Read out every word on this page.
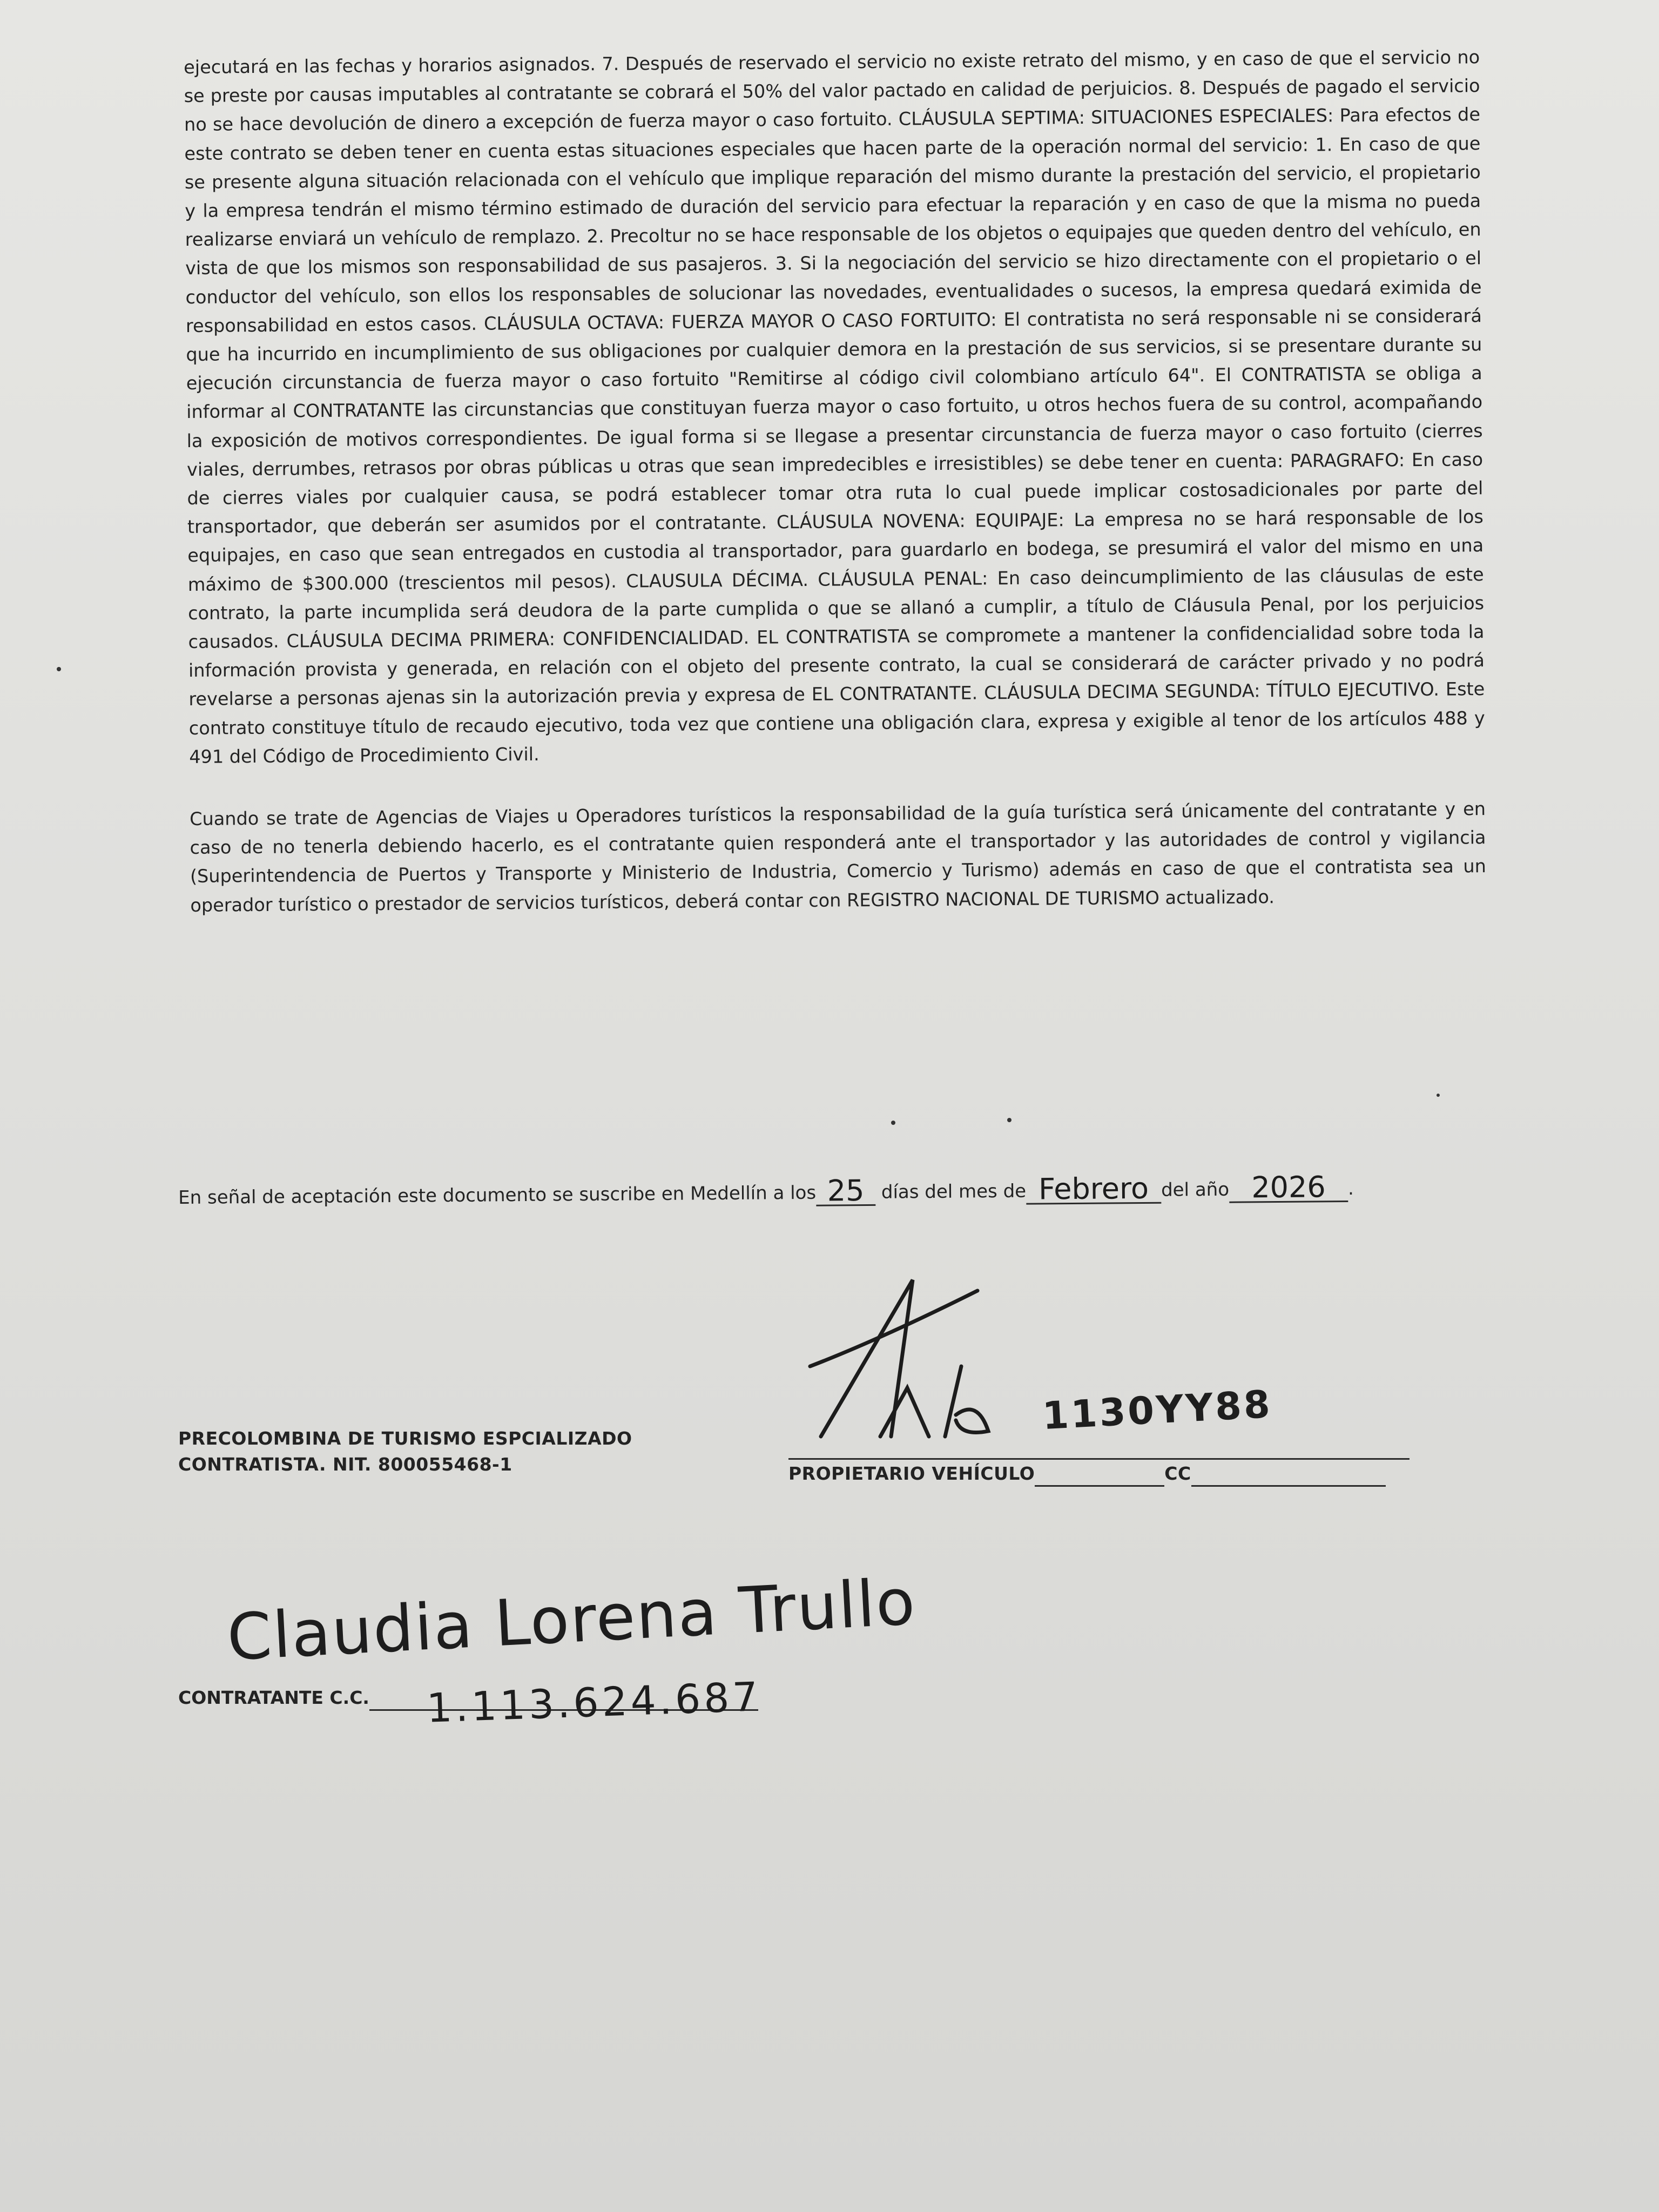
ejecutará en las fechas y horarios asignados. 7. Después de reservado el servicio no existe retrato del mismo, y en caso de que el servicio no se preste por causas imputables al contratante se cobrará el 50% del valor pactado en calidad de perjuicios. 8. Después de pagado el servicio no se hace devolución de dinero a excepción de fuerza mayor o caso fortuito. CLÁUSULA SEPTIMA: SITUACIONES ESPECIALES: Para efectos de este contrato se deben tener en cuenta estas situaciones especiales que hacen parte de la operación normal del servicio: 1. En caso de que se presente alguna situación relacionada con el vehículo que implique reparación del mismo durante la prestación del servicio, el propietario y la empresa tendrán el mismo término estimado de duración del servicio para efectuar la reparación y en caso de que la misma no pueda realizarse enviará un vehículo de remplazo. 2. Precoltur no se hace responsable de los objetos o equipajes que queden dentro del vehículo, en vista de que los mismos son responsabilidad de sus pasajeros. 3. Si la negociación del servicio se hizo directamente con el propietario o el conductor del vehículo, son ellos los responsables de solucionar las novedades, eventualidades o sucesos, la empresa quedará eximida de responsabilidad en estos casos. CLÁUSULA OCTAVA: FUERZA MAYOR O CASO FORTUITO: El contratista no será responsable ni se considerará que ha incurrido en incumplimiento de sus obligaciones por cualquier demora en la prestación de sus servicios, si se presentare durante su ejecución circunstancia de fuerza mayor o caso fortuito "Remitirse al código civil colombiano artículo 64". El CONTRATISTA se obliga a informar al CONTRATANTE las circunstancias que constituyan fuerza mayor o caso fortuito, u otros hechos fuera de su control, acompañando la exposición de motivos correspondientes. De igual forma si se llegase a presentar circunstancia de fuerza mayor o caso fortuito (cierres viales, derrumbes, retrasos por obras públicas u otras que sean impredecibles e irresistibles) se debe tener en cuenta: PARAGRAFO: En caso de cierres viales por cualquier causa, se podrá establecer tomar otra ruta lo cual puede implicar costosadicionales por parte del transportador, que deberán ser asumidos por el contratante. CLÁUSULA NOVENA: EQUIPAJE: La empresa no se hará responsable de los equipajes, en caso que sean entregados en custodia al transportador, para guardarlo en bodega, se presumirá el valor del mismo en una máximo de $300.000 (trescientos mil pesos). CLAUSULA DÉCIMA. CLÁUSULA PENAL: En caso deincumplimiento de las cláusulas de este contrato, la parte incumplida será deudora de la parte cumplida o que se allanó a cumplir, a título de Cláusula Penal, por los perjuicios causados. CLÁUSULA DECIMA PRIMERA: CONFIDENCIALIDAD. EL CONTRATISTA se compromete a mantener la confidencialidad sobre toda la información provista y generada, en relación con el objeto del presente contrato, la cual se considerará de carácter privado y no podrá revelarse a personas ajenas sin la autorización previa y expresa de EL CONTRATANTE. CLÁUSULA DECIMA SEGUNDA: TÍTULO EJECUTIVO. Este contrato constituye título de recaudo ejecutivo, toda vez que contiene una obligación clara, expresa y exigible al tenor de los artículos 488 y 491 del Código de Procedimiento Civil.

Cuando se trate de Agencias de Viajes u Operadores turísticos la responsabilidad de la guía turística será únicamente del contratante y en caso de no tenerla debiendo hacerlo, es el contratante quien responderá ante el transportador y las autoridades de control y vigilancia (Superintendencia de Puertos y Transporte y Ministerio de Industria, Comercio y Turismo) además en caso de que el contratista sea un operador turístico o prestador de servicios turísticos, deberá contar con REGISTRO NACIONAL DE TURISMO actualizado.

En señal de aceptación este documento se suscribe en Medellín a los 25 días del mes de Febrero del año 2026 .
1130YY88
PRECOLOMBINA DE TURISMO ESPCIALIZADO
CONTRATISTA. NIT. 800055468-1	PROPIETARIO VEHÍCULO	CC
Claudia Lorena Trullo
CONTRATANTE C.C.	1.113.624.687
